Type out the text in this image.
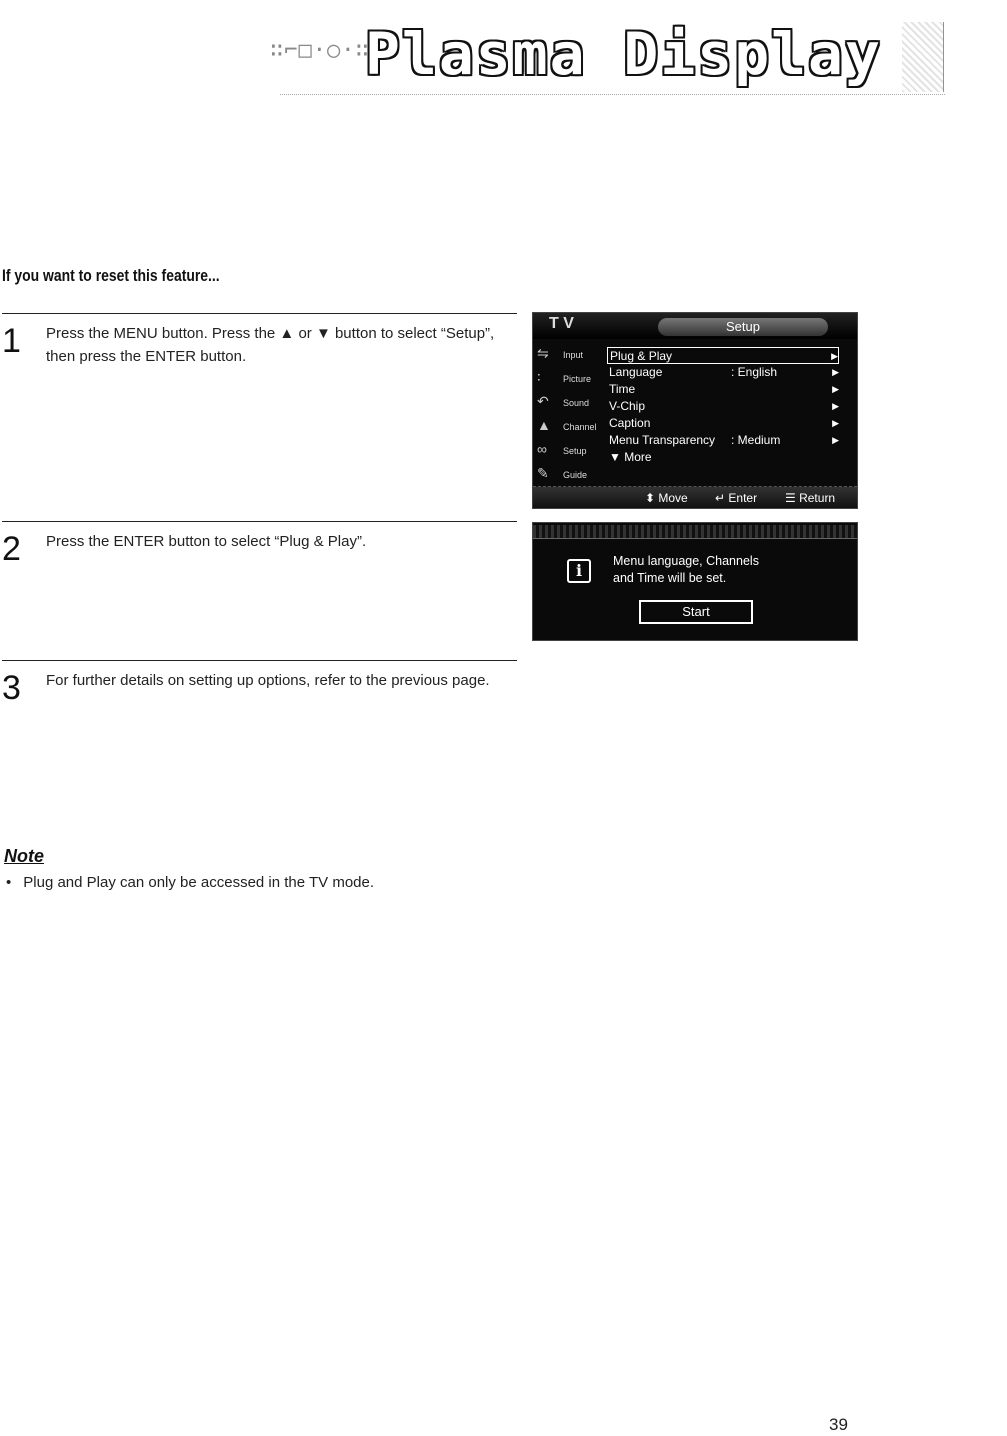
∷⌐□·○·∷
Plasma Display
If you want to reset this feature...
1 Press the MENU button. Press the ▲ or ▼ button to select “Setup”, then press the ENTER button.
2 Press the ENTER button to select “Plug & Play”.
3 For further details on setting up options, refer to the previous page.
T V	Setup
⇋ Input
∶ Picture
↶ Sound
▲ Channel
∞ Setup
✎ Guide
Plug & Play	▶
Language	: English	▶
Time	▶
V-Chip	▶
Caption	▶
Menu Transparency : Medium	▶
▼ More
⬍ Move ↵ Enter ☰ Return
i	Menu language, Channels
and Time will be set.
Start
Note
• Plug and Play can only be accessed in the TV mode.
39
